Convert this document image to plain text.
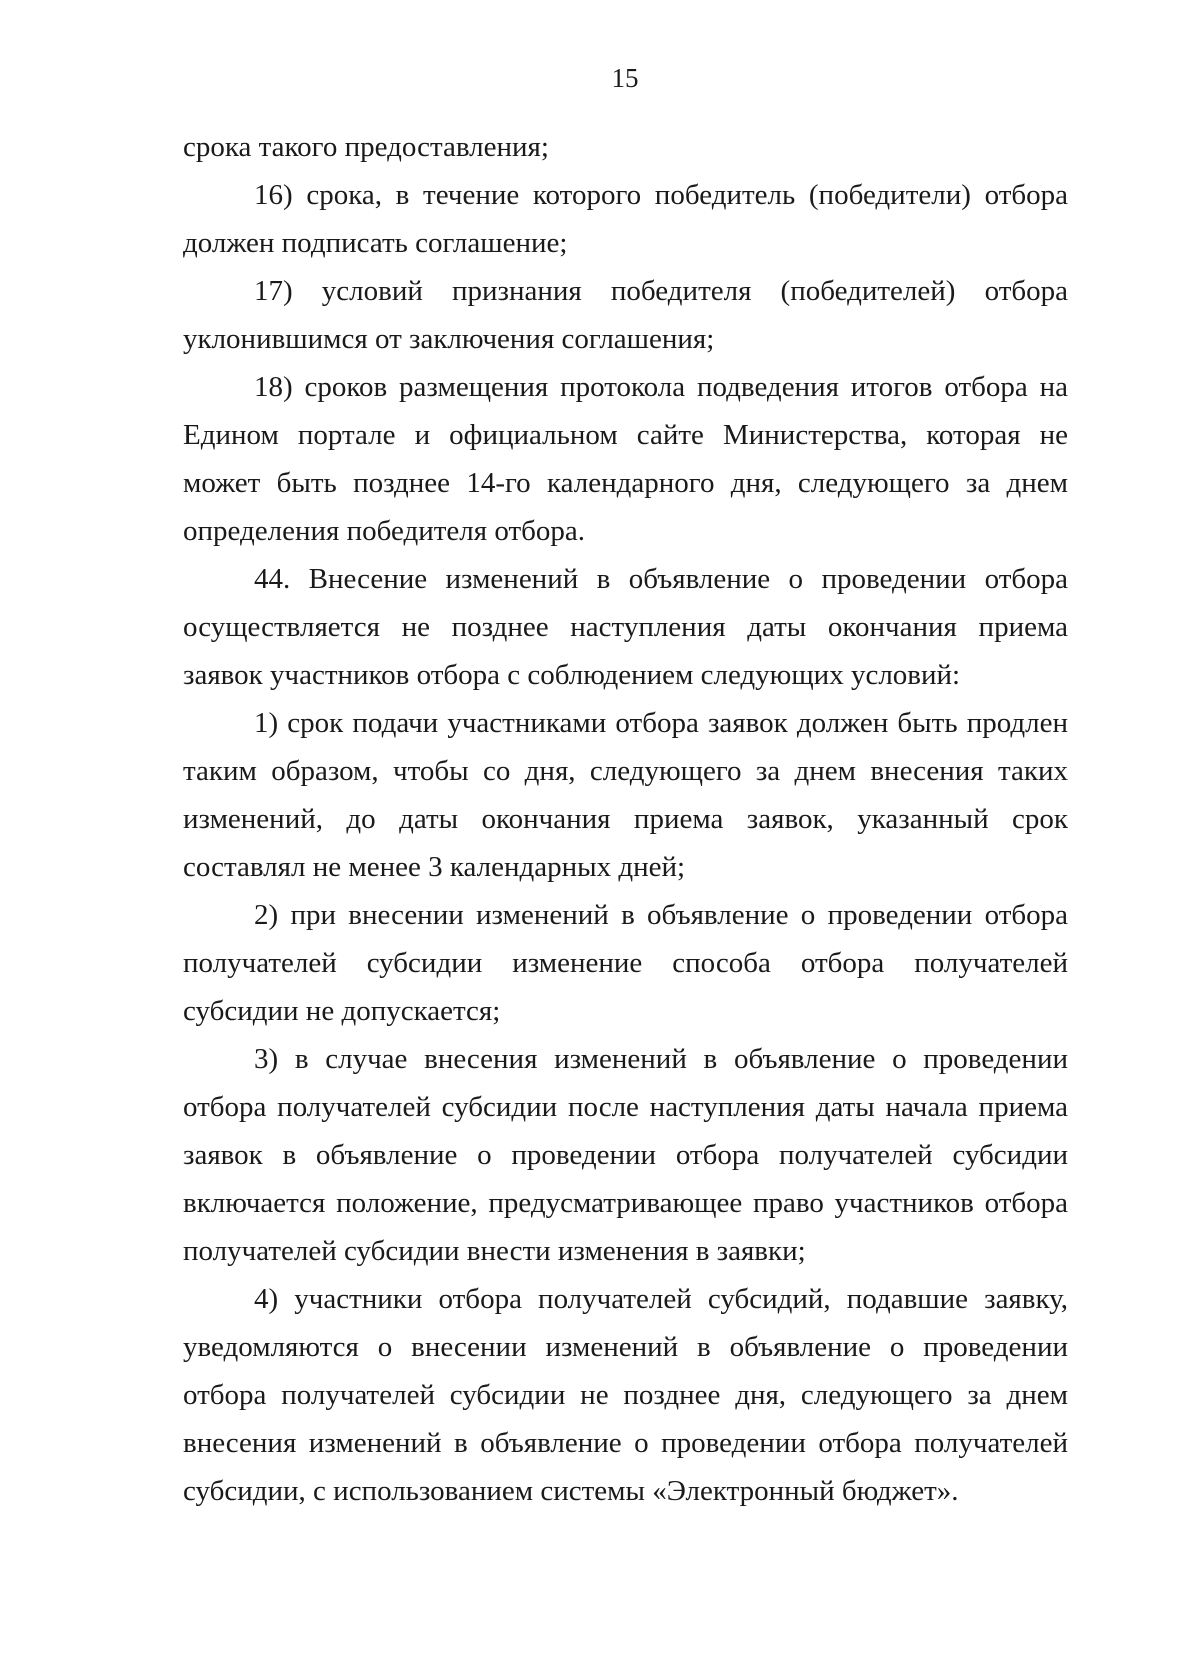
15

срока такого предоставления;

16) срока, в течение которого победитель (победители) отбора должен подписать соглашение;

17) условий признания победителя (победителей) отбора уклонившимся от заключения соглашения;

18) сроков размещения протокола подведения итогов отбора на Едином портале и официальном сайте Министерства, которая не может быть позднее 14-го календарного дня, следующего за днем определения победителя отбора.

44. Внесение изменений в объявление о проведении отбора осуществляется не позднее наступления даты окончания приема заявок участников отбора с соблюдением следующих условий:

1) срок подачи участниками отбора заявок должен быть продлен таким образом, чтобы со дня, следующего за днем внесения таких изменений, до даты окончания приема заявок, указанный срок составлял не менее 3 календарных дней;

2) при внесении изменений в объявление о проведении отбора получателей субсидии изменение способа отбора получателей субсидии не допускается;

3) в случае внесения изменений в объявление о проведении отбора получателей субсидии после наступления даты начала приема заявок в объявление о проведении отбора получателей субсидии включается положение, предусматривающее право участников отбора получателей субсидии внести изменения в заявки;

4) участники отбора получателей субсидий, подавшие заявку, уведомляются о внесении изменений в объявление о проведении отбора получателей субсидии не позднее дня, следующего за днем внесения изменений в объявление о проведении отбора получателей субсидии, с использованием системы «Электронный бюджет».
